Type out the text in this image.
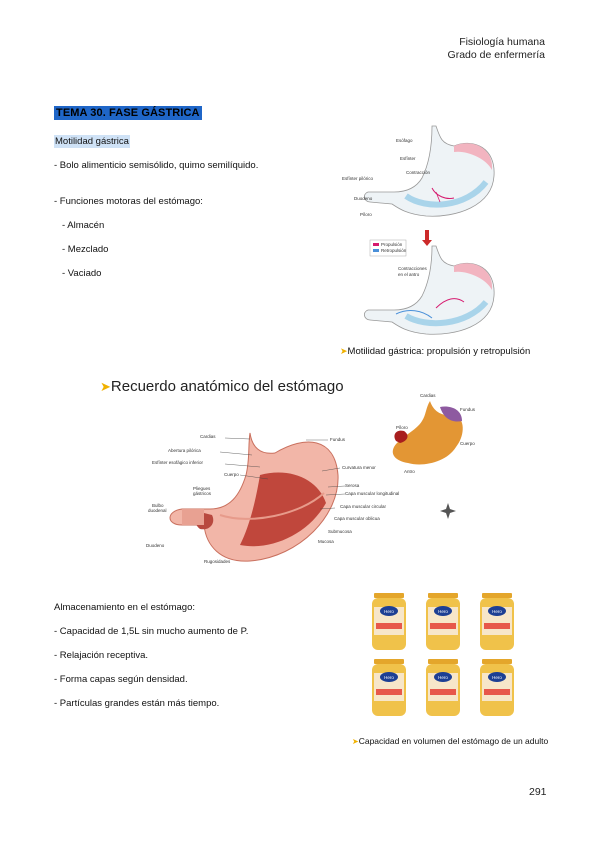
Fisiología humana
Grado de enfermería
TEMA 30. FASE GÁSTRICA
Motilidad gástrica
- Bolo alimenticio semisólido, quimo semilíquido.
- Funciones motoras del estómago:
- Almacén
- Mezclado
- Vaciado
Esófago
Esfínter
Esfínter pilórico
Contracción
Duodeno
Píloro
Propulsión
Retropulsión
Contracciones
en el antro
➤Motilidad gástrica: propulsión y retropulsión
➤Recuerdo anatómico del estómago
Cardias
Abertura pilórica
Esfínter esofágico inferior
Cuerpo
Pliegues
gástricos
Bulbo
duodenal
Duodeno
Rugosidades
Fundus
Curvatura menor
Serosa
Capa muscular longitudinal
Capa muscular circular
Capa muscular oblicua
Submucosa
Mucosa
Cardias
Fundus
Píloro
Cuerpo
Antro
Almacenamiento en el estómago:
- Capacidad de 1,5L sin mucho aumento de P.
- Relajación receptiva.
- Forma capas según densidad.
- Partículas grandes están más tiempo.
Hero	Hero	Hero
Hero	Hero	Hero
➤Capacidad en volumen del estómago de un adulto
291
